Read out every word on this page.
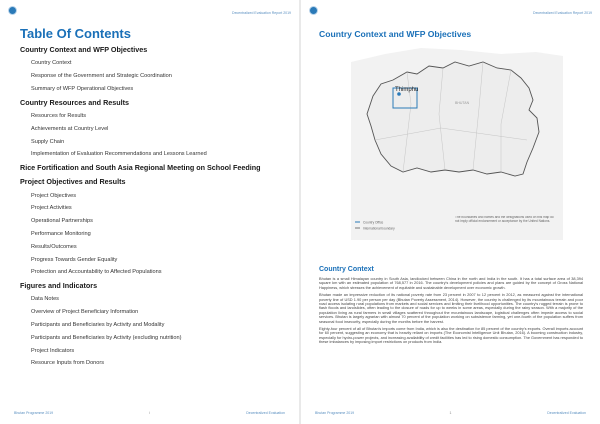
Decentralized Evaluation Report 2019
Table Of Contents
Country Context and WFP Objectives
Country Context
Response of the Government and Strategic Coordination
Summary of WFP Operational Objectives
Country Resources and Results
Resources for Results
Achievements at Country Level
Supply Chain
Implementation of Evaluation Recommendations and Lessons Learned
Rice Fortification and South Asia Regional Meeting on School Feeding
Project Objectives and Results
Project Objectives
Project Activities
Operational Partnerships
Performance Monitoring
Results/Outcomes
Progress Towards Gender Equality
Protection and Accountability to Affected Populations
Figures and Indicators
Data Notes
Overview of Project Beneficiary Information
Participants and Beneficiaries by Activity and Modality
Participants and Beneficiaries by Activity (excluding nutrition)
Project Indicators
Resource Inputs from Donors
Bhutan Programme 2019	i	Decentralized Evaluation
Decentralized Evaluation Report 2019
Country Context and WFP Objectives
Thimphu
BHUTAN
Country Office
International boundary
The boundaries and names and the designations used on this map do not imply official endorsement or acceptance by the United Nations.
Country Context

Bhutan is a small Himalayan country in South Asia, landlocked between China in the north and India in the south. It has a total surface area of 38,394 square km with an estimated population of 768,577 in 2016. The country's development policies and plans are guided by the concept of Gross National Happiness, which stresses the achievement of equitable and sustainable development over economic growth.

Bhutan made an impressive reduction of its national poverty rate from 23 percent in 2007 to 12 percent in 2012, as measured against the international poverty line of USD 1.90 per person per day (Bhutan Poverty Assessment, 2014). However, the country is challenged by its mountainous terrain and poor road access isolating rural populations from markets and social services and limiting their livelihood opportunities. The country's rugged terrain is prone to flash floods and landslides, often leading to the closure of roads for up to weeks in some areas, especially during the rainy season. With a majority of the population living as rural farmers in small villages scattered throughout the mountainous landscape, logistical challenges often impede access to social services. Bhutan is largely agrarian with almost 70 percent of the population working on subsistence farming, yet one-fourth of the population suffers from seasonal food insecurity, especially during the months before the harvest.

Eighty-four percent of all of Bhutan's imports come from India, which is also the destination for 85 percent of the country's exports. Overall imports account for 60 percent, suggesting an economy that is heavily reliant on imports (The Economist Intelligence Unit Bhutan, 2016). A booming construction industry, especially for hydro-power projects, and increasing availability of credit facilities has led to rising domestic consumption. The Government has responded to these imbalances by imposing import restrictions on products from India.

Bhutan Programme 2019	1	Decentralized Evaluation
